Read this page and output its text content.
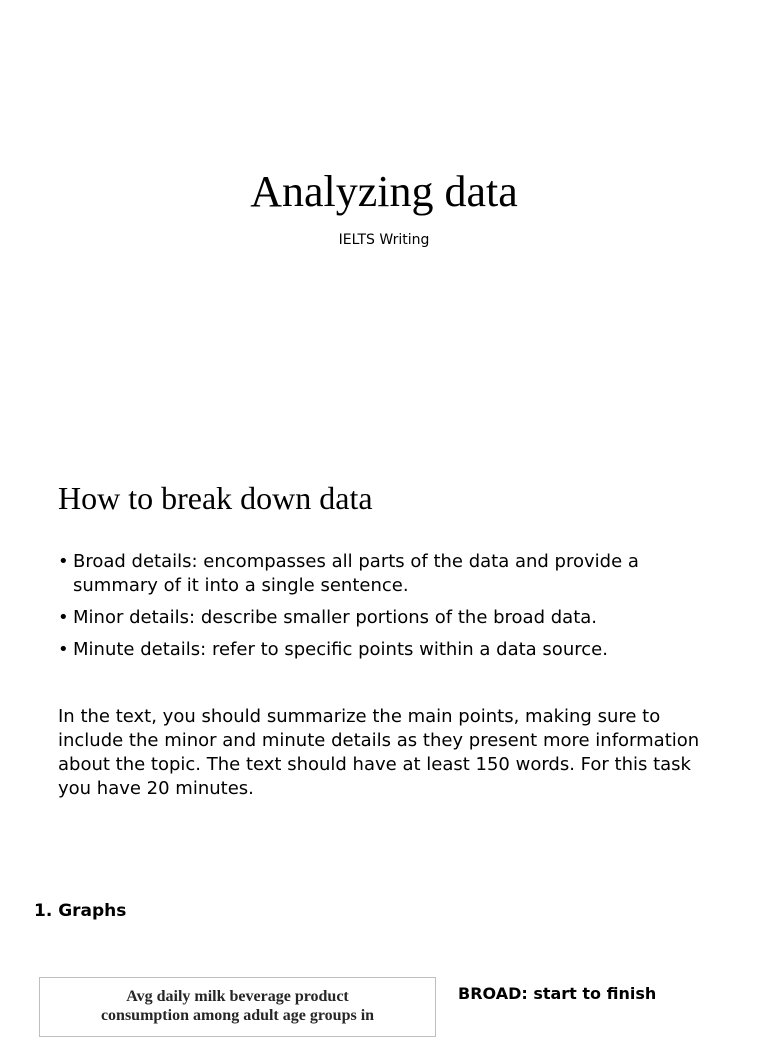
Analyzing data

IELTS Writing

How to break down data
• Broad details: encompasses all parts of the data and provide a summary of it into a single sentence.
• Minor details: describe smaller portions of the broad data.
• Minute details: refer to specific points within a data source.

In the text, you should summarize the main points, making sure to include the minor and minute details as they present more information about the topic. The text should have at least 150 words. For this task you have 20 minutes.

1. Graphs

Avg daily milk beverage product
consumption among adult age groups in

BROAD: start to finish
